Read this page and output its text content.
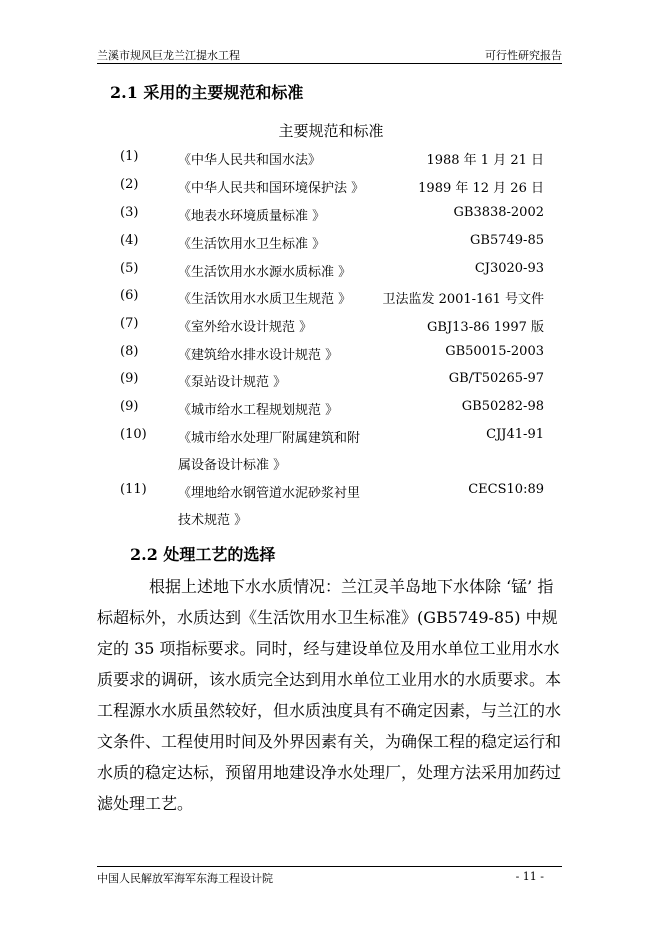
兰溪市规风巨龙兰江提水工程	可行性研究报告
2.1 采用的主要规范和标准
主要规范和标准
(1)	《中华人民共和国水法》	1988 年 1 月 21 日
(2)	《中华人民共和国环境保护法 》	1989 年 12 月 26 日
(3)	《地表水环境质量标准 》	GB3838-2002
(4)	《生活饮用水卫生标准 》	GB5749-85
(5)	《生活饮用水水源水质标准 》	CJ3020-93
(6)	《生活饮用水水质卫生规范 》 卫法监发 2001-161 号文件
(7)	《室外给水设计规范 》	GBJ13-86 1997 版
(8)	《建筑给水排水设计规范 》	GB50015-2003
(9)	《泵站设计规范 》	GB/T50265-97
(9)	《城市给水工程规划规范 》	GB50282-98
(10) 《城市给水处理厂附属建筑和附	CJJ41-91
属设备设计标准 》
(11) 《埋地给水钢管道水泥砂浆衬里	CECS10:89
技术规范 》
2.2 处理工艺的选择
根据上述地下水水质情况：兰江灵羊岛地下水体除 ‘锰’ 指标超标外，水质达到《生活饮用水卫生标准》(GB5749-85) 中规定的 35 项指标要求。同时，经与建设单位及用水单位工业用水水质要求的调研，该水质完全达到用水单位工业用水的水质要求。本工程源水水质虽然较好，但水质浊度具有不确定因素，与兰江的水文条件、工程使用时间及外界因素有关，为确保工程的稳定运行和水质的稳定达标，预留用地建设净水处理厂，处理方法采用加药过滤处理工艺。
中国人民解放军海军东海工程设计院	- 11 -
